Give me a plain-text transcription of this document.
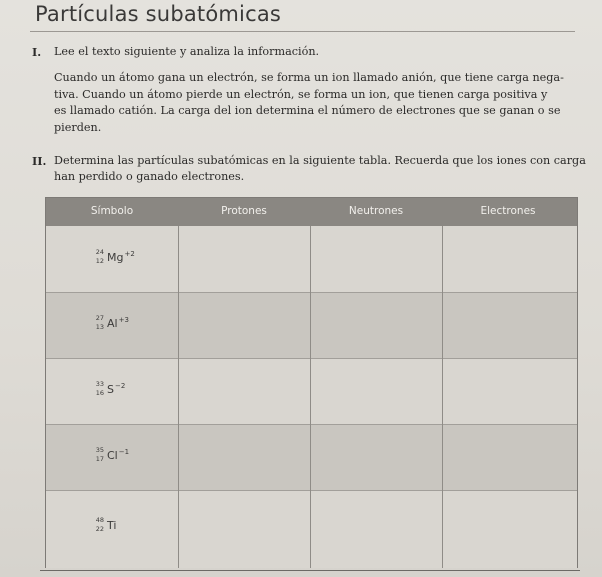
Partículas subatómicas
I. Lee el texto siguiente y analiza la información.
Cuando un átomo gana un electrón, se forma un ion llamado anión, que tiene carga nega-
tiva. Cuando un átomo pierde un electrón, se forma un ion, que tienen carga positiva y
es llamado catión. La carga del ion determina el número de electrones que se ganan o se
pierden.
II. Determina las partículas subatómicas en la siguiente tabla. Recuerda que los iones con carga
han perdido o ganado electrones.
Símbolo	Protones	Neutrones	Electrones
24
12 $Mg^{+2}$
27
13 $Al^{+3}$
33
16 $S^{-2}$
35
17 $Cl^{-1}$
48
22 Ti
